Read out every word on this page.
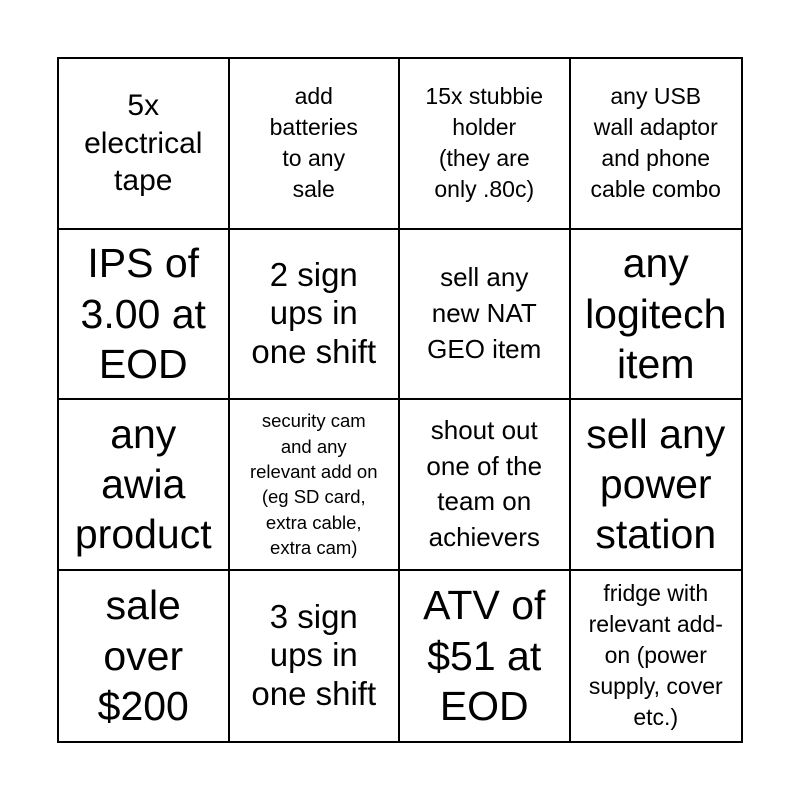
5x
electrical
tape
add
batteries
to any
sale
15x stubbie
holder
(they are
only .80c)
any USB
wall adaptor
and phone
cable combo
IPS of
3.00 at
EOD
2 sign
ups in
one shift
sell any
new NAT
GEO item
any
logitech
item
any
awia
product
security cam
and any
relevant add on
(eg SD card,
extra cable,
extra cam)
shout out
one of the
team on
achievers
sell any
power
station
sale
over
$200
3 sign
ups in
one shift
ATV of
$51 at
EOD
fridge with
relevant add-
on (power
supply, cover
etc.)
